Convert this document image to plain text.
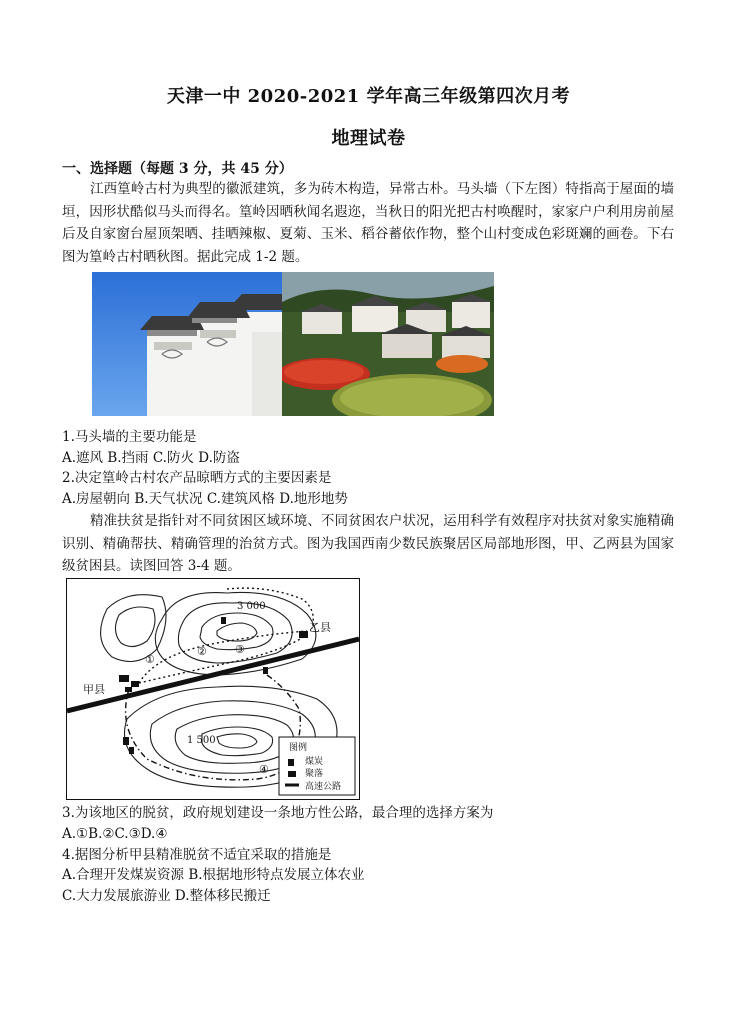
天津一中 2020-2021 学年高三年级第四次月考
地理试卷
一、选择题（每题 3 分，共 45 分）
江西篁岭古村为典型的徽派建筑，多为砖木构造，异常古朴。马头墙（下左图）特指高于屋面的墙垣，因形状酷似马头而得名。篁岭因晒秋闻名遐迩，当秋日的阳光把古村唤醒时，家家户户利用房前屋后及自家窗台屋顶架晒、挂晒辣椒、夏菊、玉米、稻谷蓄依作物，整个山村变成色彩斑斓的画卷。下右图为篁岭古村晒秋图。据此完成 1-2 题。
1.马头墙的主要功能是
A.遮风 B.挡雨 C.防火 D.防盗
2.决定篁岭古村农产品晾晒方式的主要因素是
A.房屋朝向 B.天气状况 C.建筑风格 D.地形地势
精准扶贫是指针对不同贫困区域环境、不同贫困农户状况，运用科学有效程序对扶贫对象实施精确识别、精确帮扶、精确管理的治贫方式。图为我国西南少数民族聚居区局部地形图，甲、乙两县为国家级贫困县。读图回答 3-4 题。
乙县
甲县
3 000
1 500
①
②	③
④
图例
煤炭
聚落
高速公路
3.为该地区的脱贫，政府规划建设一条地方性公路，最合理的选择方案为
A.①B.②C.③D.④
4.据图分析甲县精准脱贫不适宜采取的措施是
A.合理开发煤炭资源 B.根据地形特点发展立体农业
C.大力发展旅游业 D.整体移民搬迁
